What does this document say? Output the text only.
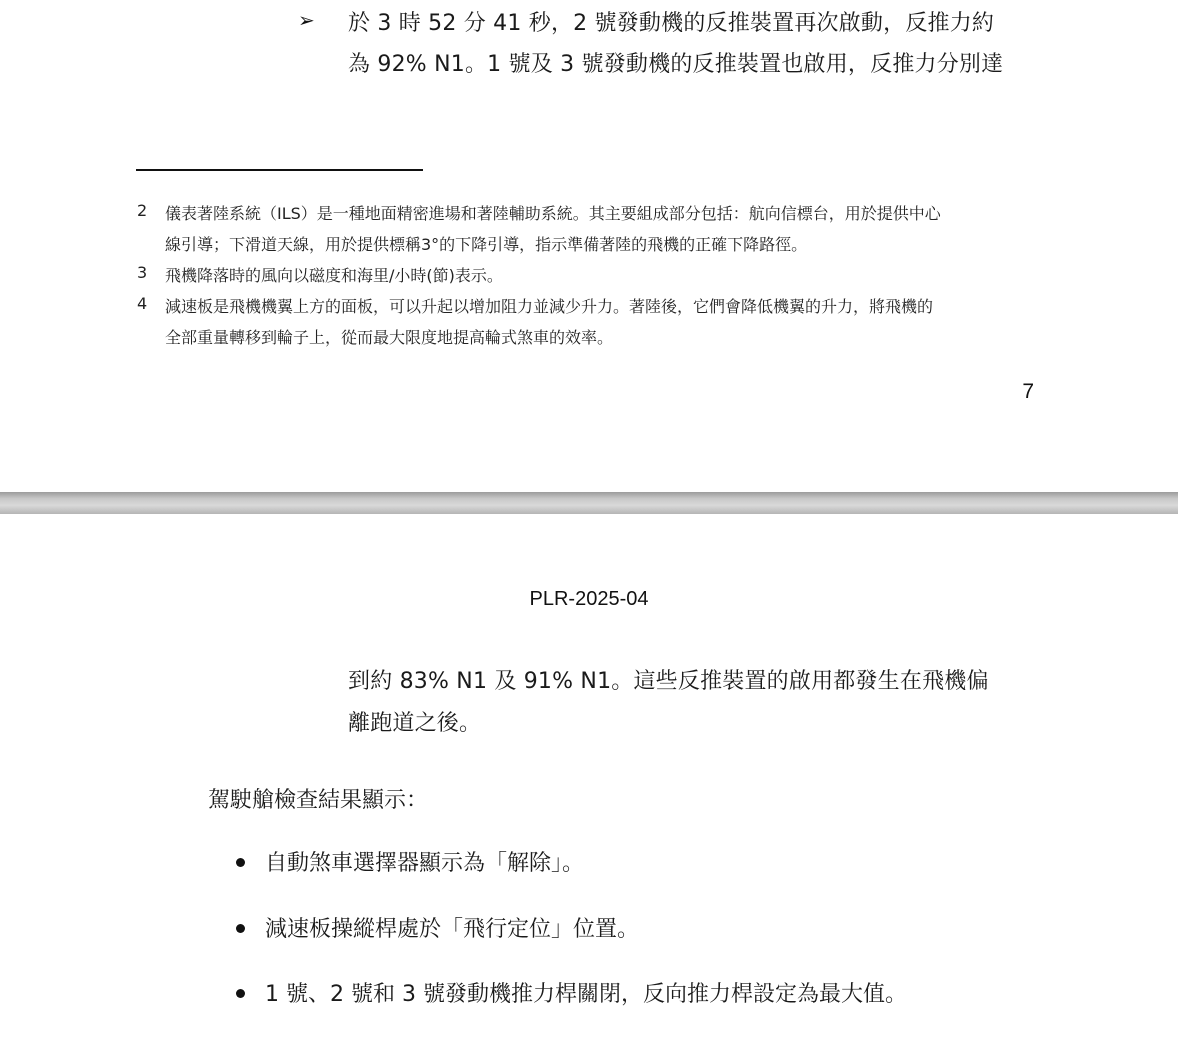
➢ 於 3 時 52 分 41 秒，2 號發動機的反推裝置再次啟動，反推力約
為 92% N1。1 號及 3 號發動機的反推裝置也啟用，反推力分別達
2 儀表著陸系統（ILS）是一種地面精密進場和著陸輔助系統。其主要組成部分包括：航向信標台，用於提供中心
線引導；下滑道天線，用於提供標稱3°的下降引導，指示準備著陸的飛機的正確下降路徑。
3 飛機降落時的風向以磁度和海里/小時(節)表示。
4 減速板是飛機機翼上方的面板，可以升起以增加阻力並減少升力。著陸後，它們會降低機翼的升力，將飛機的
全部重量轉移到輪子上，從而最大限度地提高輪式煞車的效率。
7
PLR-2025-04
到約 83% N1 及 91% N1。這些反推裝置的啟用都發生在飛機偏
離跑道之後。
駕駛艙檢查結果顯示：
自動煞車選擇器顯示為「解除」。
減速板操縱桿處於「飛行定位」位置。
1 號、2 號和 3 號發動機推力桿關閉，反向推力桿設定為最大值。
